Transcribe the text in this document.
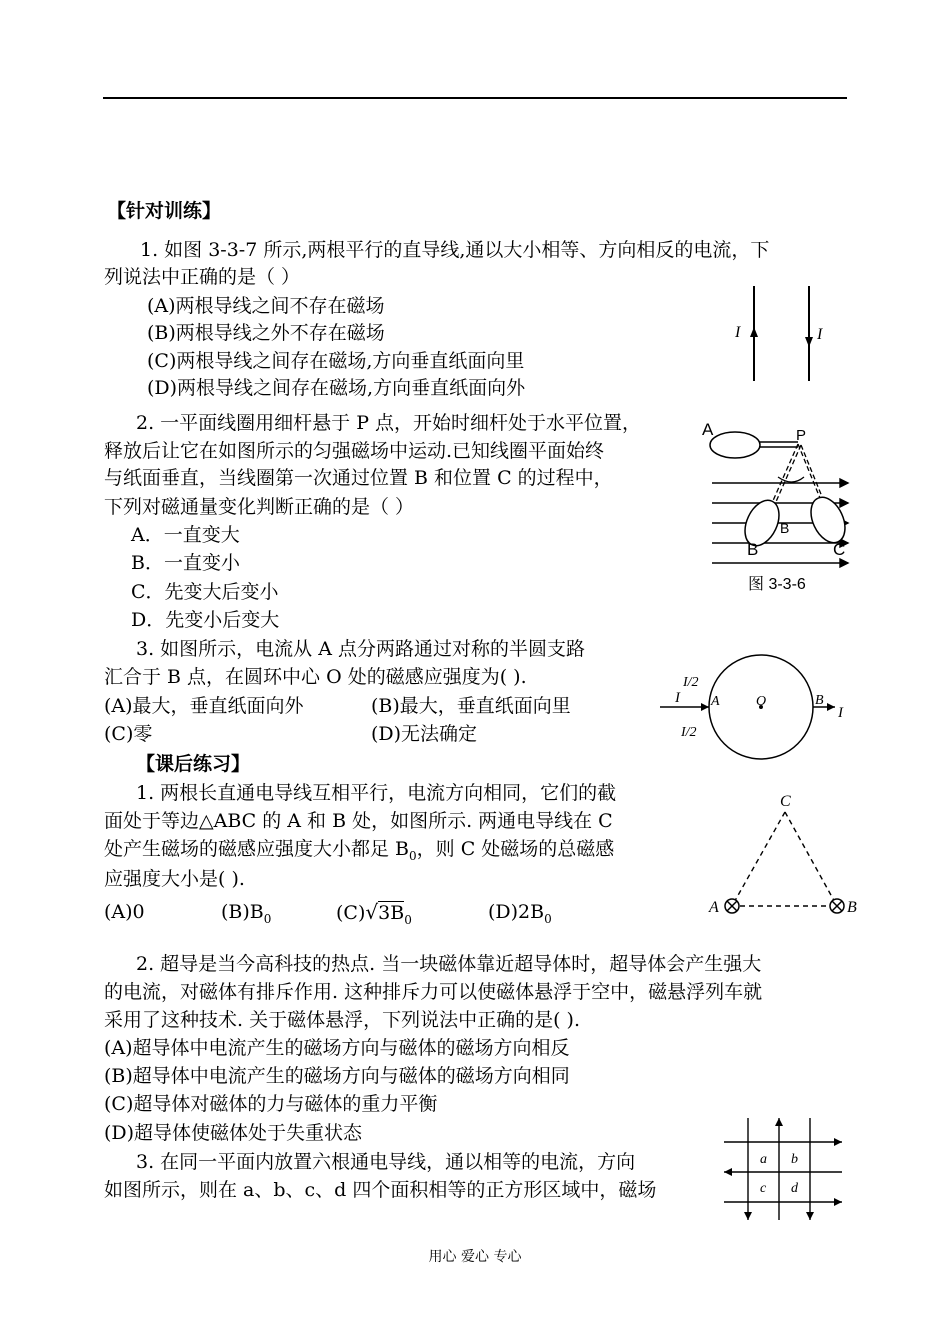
【针对训练】
1. 如图 3-3-7 所示,两根平行的直导线,通以大小相等、方向相反的电流，下
列说法中正确的是（ ）
(A)两根导线之间不存在磁场
(B)两根导线之外不存在磁场
(C)两根导线之间存在磁场,方向垂直纸面向里
(D)两根导线之间存在磁场,方向垂直纸面向外
I	I
2. 一平面线圈用细杆悬于 P 点，开始时细杆处于水平位置，
释放后让它在如图所示的匀强磁场中运动.已知线圈平面始终
与纸面垂直，当线圈第一次通过位置 B 和位置 C 的过程中，
下列对磁通量变化判断正确的是（ ）
A．一直变大
B．一直变小
C．先变大后变小
D．先变小后变大
A	P
B
B	C
图 3-3-6
3. 如图所示，电流从 A 点分两路通过对称的半圆支路
汇合于 B 点，在圆环中心 O 处的磁感应强度为( ).
(A)最大，垂直纸面向外	(B)最大，垂直纸面向里
(C)零	(D)无法确定
I
I
I/2
I/2
A	O	B
【课后练习】
1. 两根长直通电导线互相平行，电流方向相同，它们的截
面处于等边△ABC 的 A 和 B 处，如图所示. 两通电导线在 C
处产生磁场的磁感应强度大小都足 $B_0$，则 C 处磁场的总磁感
应强度大小是( ).
(A)0	$(B)B_0$	$(C)√3B_0$	$(D)2B_0$
C
A	B
2. 超导是当今高科技的热点. 当一块磁体靠近超导体时，超导体会产生强大
的电流，对磁体有排斥作用. 这种排斥力可以使磁体悬浮于空中，磁悬浮列车就
采用了这种技术. 关于磁体悬浮，下列说法中正确的是( ).
(A)超导体中电流产生的磁场方向与磁体的磁场方向相反
(B)超导体中电流产生的磁场方向与磁体的磁场方向相同
(C)超导体对磁体的力与磁体的重力平衡
(D)超导体使磁体处于失重状态
3. 在同一平面内放置六根通电导线，通以相等的电流，方向
如图所示，则在 a、b、c、d 四个面积相等的正方形区域中，磁场
a b
c d
用心 爱心 专心
